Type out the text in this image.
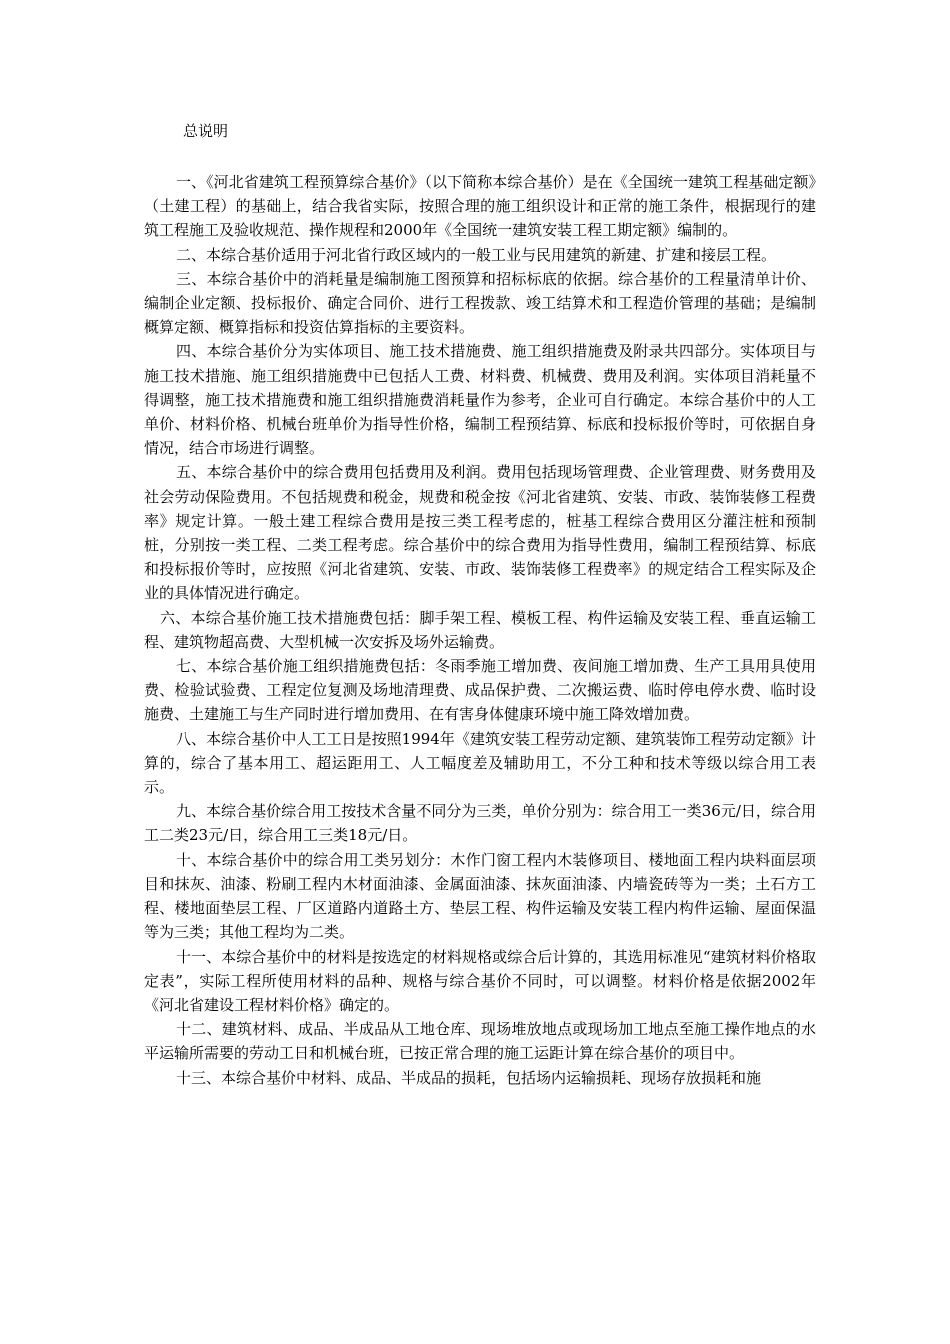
总说明

一、《河北省建筑工程预算综合基价》（以下简称本综合基价）是在《全国统一建筑工程基础定额》（土建工程）的基础上，结合我省实际，按照合理的施工组织设计和正常的施工条件，根据现行的建筑工程施工及验收规范、操作规程和2000年《全国统一建筑安装工程工期定额》编制的。

二、本综合基价适用于河北省行政区域内的一般工业与民用建筑的新建、扩建和接层工程。

三、本综合基价中的消耗量是编制施工图预算和招标标底的依据。综合基价的工程量清单计价、编制企业定额、投标报价、确定合同价、进行工程拨款、竣工结算术和工程造价管理的基础；是编制概算定额、概算指标和投资估算指标的主要资料。

四、本综合基价分为实体项目、施工技术措施费、施工组织措施费及附录共四部分。实体项目与施工技术措施、施工组织措施费中已包括人工费、材料费、机械费、费用及利润。实体项目消耗量不得调整，施工技术措施费和施工组织措施费消耗量作为参考，企业可自行确定。本综合基价中的人工单价、材料价格、机械台班单价为指导性价格，编制工程预结算、标底和投标报价等时，可依据自身情况，结合市场进行调整。

五、本综合基价中的综合费用包括费用及利润。费用包括现场管理费、企业管理费、财务费用及社会劳动保险费用。不包括规费和税金，规费和税金按《河北省建筑、安装、市政、装饰装修工程费率》规定计算。一般土建工程综合费用是按三类工程考虑的，桩基工程综合费用区分灌注桩和预制桩，分别按一类工程、二类工程考虑。综合基价中的综合费用为指导性费用，编制工程预结算、标底和投标报价等时，应按照《河北省建筑、安装、市政、装饰装修工程费率》的规定结合工程实际及企业的具体情况进行确定。

六、本综合基价施工技术措施费包括：脚手架工程、模板工程、构件运输及安装工程、垂直运输工程、建筑物超高费、大型机械一次安拆及场外运输费。

七、本综合基价施工组织措施费包括：冬雨季施工增加费、夜间施工增加费、生产工具用具使用费、检验试验费、工程定位复测及场地清理费、成品保护费、二次搬运费、临时停电停水费、临时设施费、土建施工与生产同时进行增加费用、在有害身体健康环境中施工降效增加费。

八、本综合基价中人工工日是按照1994年《建筑安装工程劳动定额、建筑装饰工程劳动定额》计算的，综合了基本用工、超运距用工、人工幅度差及辅助用工，不分工种和技术等级以综合用工表示。

九、本综合基价综合用工按技术含量不同分为三类，单价分别为：综合用工一类36元/日，综合用工二类23元/日，综合用工三类18元/日。

十、本综合基价中的综合用工类另划分：木作门窗工程内木装修项目、楼地面工程内块料面层项目和抹灰、油漆、粉刷工程内木材面油漆、金属面油漆、抹灰面油漆、内墙瓷砖等为一类；土石方工程、楼地面垫层工程、厂区道路内道路土方、垫层工程、构件运输及安装工程内构件运输、屋面保温等为三类；其他工程均为二类。

十一、本综合基价中的材料是按选定的材料规格或综合后计算的，其选用标准见“建筑材料价格取定表”，实际工程所使用材料的品种、规格与综合基价不同时，可以调整。材料价格是依据2002年《河北省建设工程材料价格》确定的。

十二、建筑材料、成品、半成品从工地仓库、现场堆放地点或现场加工地点至施工操作地点的水平运输所需要的劳动工日和机械台班，已按正常合理的施工运距计算在综合基价的项目中。

十三、本综合基价中材料、成品、半成品的损耗，包括场内运输损耗、现场存放损耗和施
